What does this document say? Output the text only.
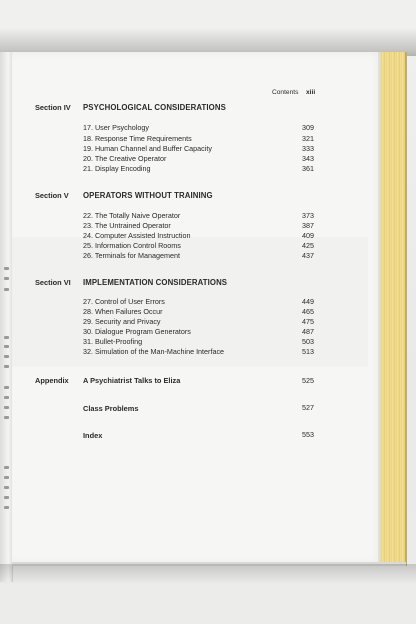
Contents xiii
Section IV PSYCHOLOGICAL CONSIDERATIONS
17. User Psychology	309
18. Response Time Requirements	321
19. Human Channel and Buffer Capacity	333
20. The Creative Operator	343
21. Display Encoding	361
Section V OPERATORS WITHOUT TRAINING
22. The Totally Naive Operator	373
23. The Untrained Operator	387
24. Computer Assisted Instruction	409
25. Information Control Rooms	425
26. Terminals for Management	437
Section VI IMPLEMENTATION CONSIDERATIONS
27. Control of User Errors	449
28. When Failures Occur	465
29. Security and Privacy	475
30. Dialogue Program Generators	487
31. Bullet-Proofing	503
32. Simulation of the Man-Machine Interface	513
Appendix A Psychiatrist Talks to Eliza	525
Class Problems	527
Index	553
